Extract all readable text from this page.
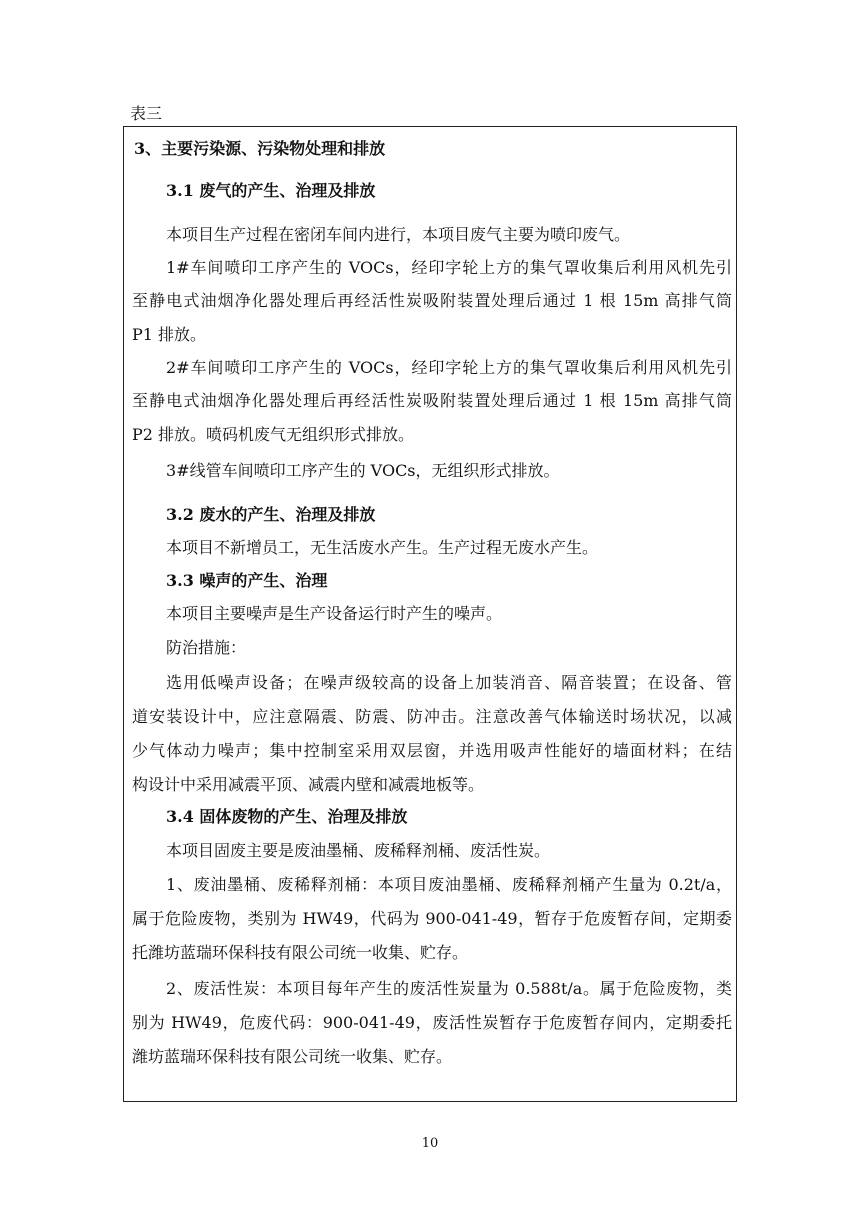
表三
3、主要污染源、污染物处理和排放
3.1 废气的产生、治理及排放
本项目生产过程在密闭车间内进行，本项目废气主要为喷印废气。
1#车间喷印工序产生的 VOCs，经印字轮上方的集气罩收集后利用风机先引
至静电式油烟净化器处理后再经活性炭吸附装置处理后通过 1 根 15m 高排气筒
P1 排放。
2#车间喷印工序产生的 VOCs，经印字轮上方的集气罩收集后利用风机先引
至静电式油烟净化器处理后再经活性炭吸附装置处理后通过 1 根 15m 高排气筒
P2 排放。喷码机废气无组织形式排放。
3#线管车间喷印工序产生的 VOCs，无组织形式排放。
3.2 废水的产生、治理及排放
本项目不新增员工，无生活废水产生。生产过程无废水产生。
3.3 噪声的产生、治理
本项目主要噪声是生产设备运行时产生的噪声。
防治措施：
选用低噪声设备；在噪声级较高的设备上加装消音、隔音装置；在设备、管
道安装设计中，应注意隔震、防震、防冲击。注意改善气体输送时场状况，以减
少气体动力噪声；集中控制室采用双层窗，并选用吸声性能好的墙面材料；在结
构设计中采用减震平顶、减震内壁和减震地板等。
3.4 固体废物的产生、治理及排放
本项目固废主要是废油墨桶、废稀释剂桶、废活性炭。
1、废油墨桶、废稀释剂桶：本项目废油墨桶、废稀释剂桶产生量为 0.2t/a，
属于危险废物，类别为 HW49，代码为 900-041-49，暂存于危废暂存间，定期委
托潍坊蓝瑞环保科技有限公司统一收集、贮存。
2、废活性炭：本项目每年产生的废活性炭量为 0.588t/a。属于危险废物，类
别为 HW49，危废代码：900-041-49，废活性炭暂存于危废暂存间内，定期委托
潍坊蓝瑞环保科技有限公司统一收集、贮存。
10
